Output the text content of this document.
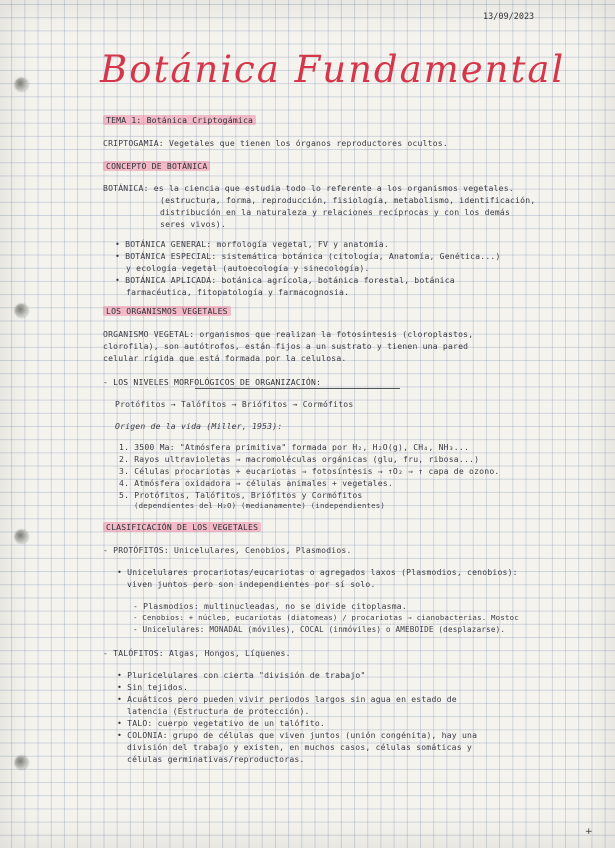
13/09/2023
Botánica Fundamental
TEMA 1: Botánica Criptogámica
CRIPTOGAMIA: Vegetales que tienen los órganos reproductores ocultos.
CONCEPTO DE BOTÁNICA
BOTÁNICA: es la ciencia que estudia todo lo referente a los organismos vegetales.
(estructura, forma, reproducción, fisiología, metabolismo, identificación,
distribución en la naturaleza y relaciones recíprocas y con los demás
seres vivos).
• BOTÁNICA GENERAL: morfología vegetal, FV y anatomía.
• BOTÁNICA ESPECIAL: sistemática botánica (citología, Anatomía, Genética...)
y ecología vegetal (autoecología y sinecología).
• BOTÁNICA APLICADA: botánica agrícola, botánica forestal, botánica
farmacéutica, fitopatología y farmacognosia.
LOS ORGANISMOS VEGETALES
ORGANISMO VEGETAL: organismos que realizan la fotosíntesis (cloroplastos,
clorofila), son autótrofos, están fijos a un sustrato y tienen una pared
celular rígida que está formada por la celulosa.
- LOS NIVELES MORFOLÓGICOS DE ORGANIZACIÓN:
Protófitos → Talófitos → Briófitos → Cormófitos
Origen de la vida (Miller, 1953):
1. 3500 Ma: "Atmósfera primitiva" formada por H₂, H₂O(g), CH₄, NH₃...
2. Rayos ultravioletas ⇒ macromoléculas orgánicas (glu, fru, ribosa...)
3. Células procariotas + eucariotas ⇒ fotosíntesis ⇒ ↑O₂ ⇒ ↑ capa de ozono.
4. Atmósfera oxidadora ⇒ células animales + vegetales.
5. Protófitos, Talófitos, Briófitos y Cormófitos
(dependientes del H₂O) (medianamente) (independientes)
CLASIFICACIÓN DE LOS VEGETALES
- PROTÓFITOS: Unicelulares, Cenobios, Plasmodios.
• Unicelulares procariotas/eucariotas o agregados laxos (Plasmodios, cenobios):
viven juntos pero son independientes por sí solo.
- Plasmodios: multinucleadas, no se divide citoplasma.
- Cenobios: + núcleo, eucariotas (diatomeas) / procariotas ⇒ cianobacterias. Mostoc
- Unicelulares: MONADAL (móviles), COCAL (inmóviles) o AMEBOIDE (desplazarse).
- TALÓFITOS: Algas, Hongos, Líquenes.
• Pluricelulares con cierta "división de trabajo"
• Sin tejidos.
• Acuáticos pero pueden vivir periodos largos sin agua en estado de
latencia (Estructura de protección).
• TALO: cuerpo vegetativo de un talófito.
• COLONIA: grupo de células que viven juntos (unión congénita), hay una
división del trabajo y existen, en muchos casos, células somáticas y
células germinativas/reproductoras.
+
